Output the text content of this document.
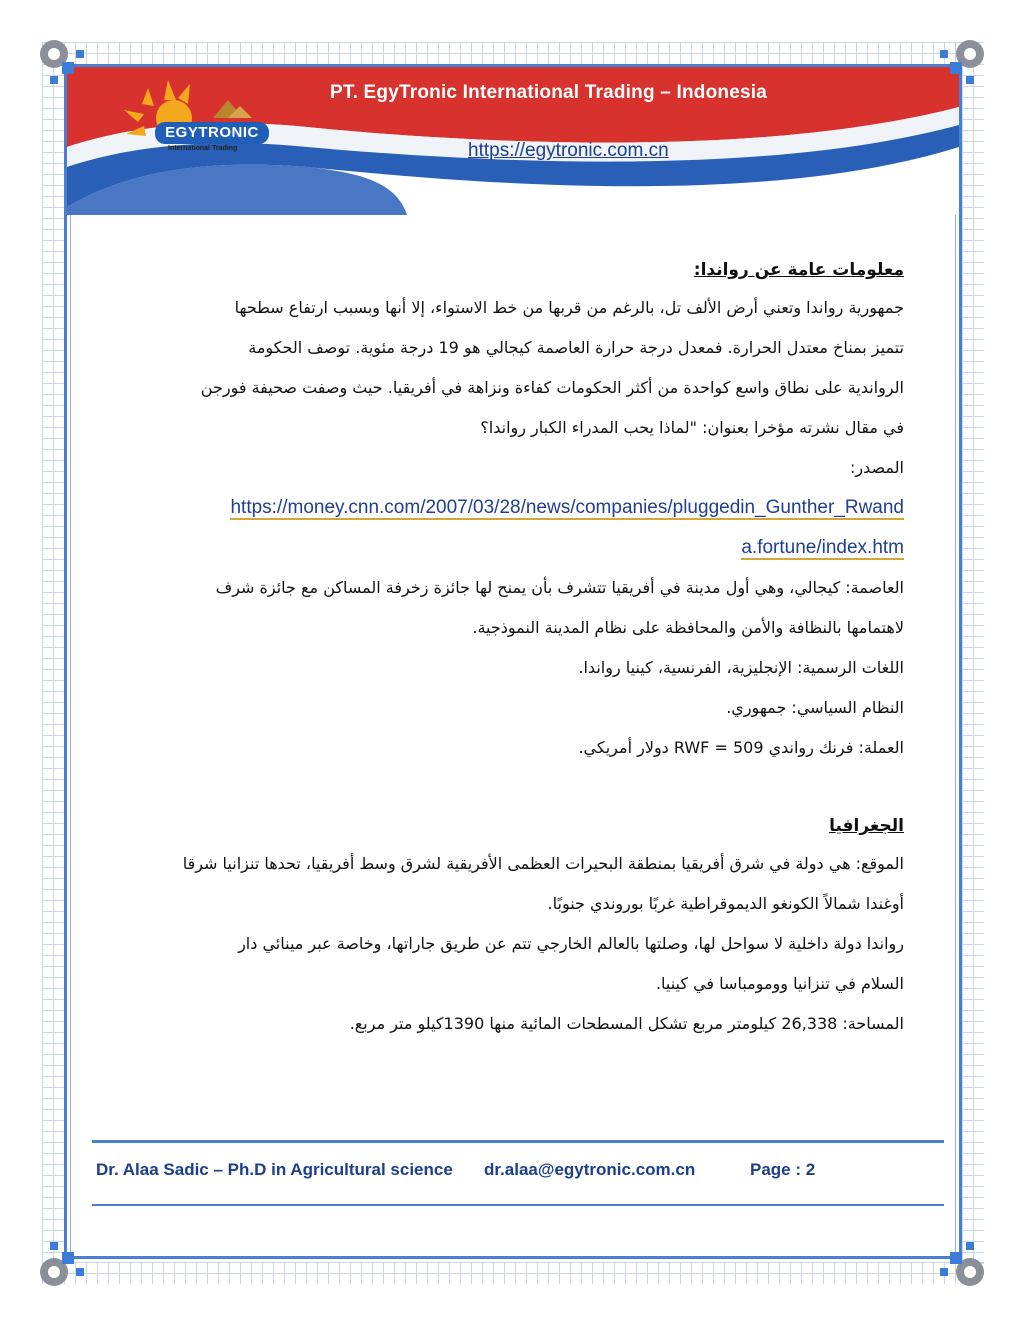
EGYTRONIC
International Trading
PT. EgyTronic International Trading – Indonesia
https://egytronic.com.cn
معلومات عامة عن رواندا:
جمهورية رواندا وتعني أرض الألف تل، بالرغم من قربها من خط الاستواء، إلا أنها وبسبب ارتفاع سطحها
تتميز بمناخ معتدل الحرارة. فمعدل درجة حرارة العاصمة كيجالي هو 19 درجة مئوية. توصف الحكومة
الرواندية على نطاق واسع كواحدة من أكثر الحكومات كفاءة ونزاهة في أفريقيا. حيث وصفت صحيفة فورجن
في مقال نشرته مؤخرا بعنوان: "لماذا يحب المدراء الكبار رواندا؟
المصدر:
https://money.cnn.com/2007/03/28/news/companies/pluggedin_Gunther_Rwand
a.fortune/index.htm
العاصمة: كيجالي، وهي أول مدينة في أفريقيا تتشرف بأن يمنح لها جائزة زخرفة المساكن مع جائزة شرف
لاهتمامها بالنظافة والأمن والمحافظة على نظام المدينة النموذجية.
اللغات الرسمية: الإنجليزية، الفرنسية، كينيا رواندا.
النظام السياسي: جمهوري.
العملة: فرنك رواندي RWF = 509 دولار أمريكي.
الجغرافيا
الموقع: هي دولة في شرق أفريقيا بمنطقة البحيرات العظمى الأفريقية لشرق وسط أفريقيا، تحدها تنزانيا شرقا
أوغندا شمالاً الكونغو الديموقراطية غربًا بوروندي جنوبًا.
رواندا دولة داخلية لا سواحل لها، وصلتها بالعالم الخارجي تتم عن طريق جاراتها، وخاصة عبر مينائي دار
السلام في تنزانيا وومومباسا في كينيا.
المساحة: 26,338 كيلومتر مربع تشكل المسطحات المائية منها 1390كيلو متر مربع.
Dr. Alaa Sadic – Ph.D in Agricultural science dr.alaa@egytronic.com.cn	Page : 2
